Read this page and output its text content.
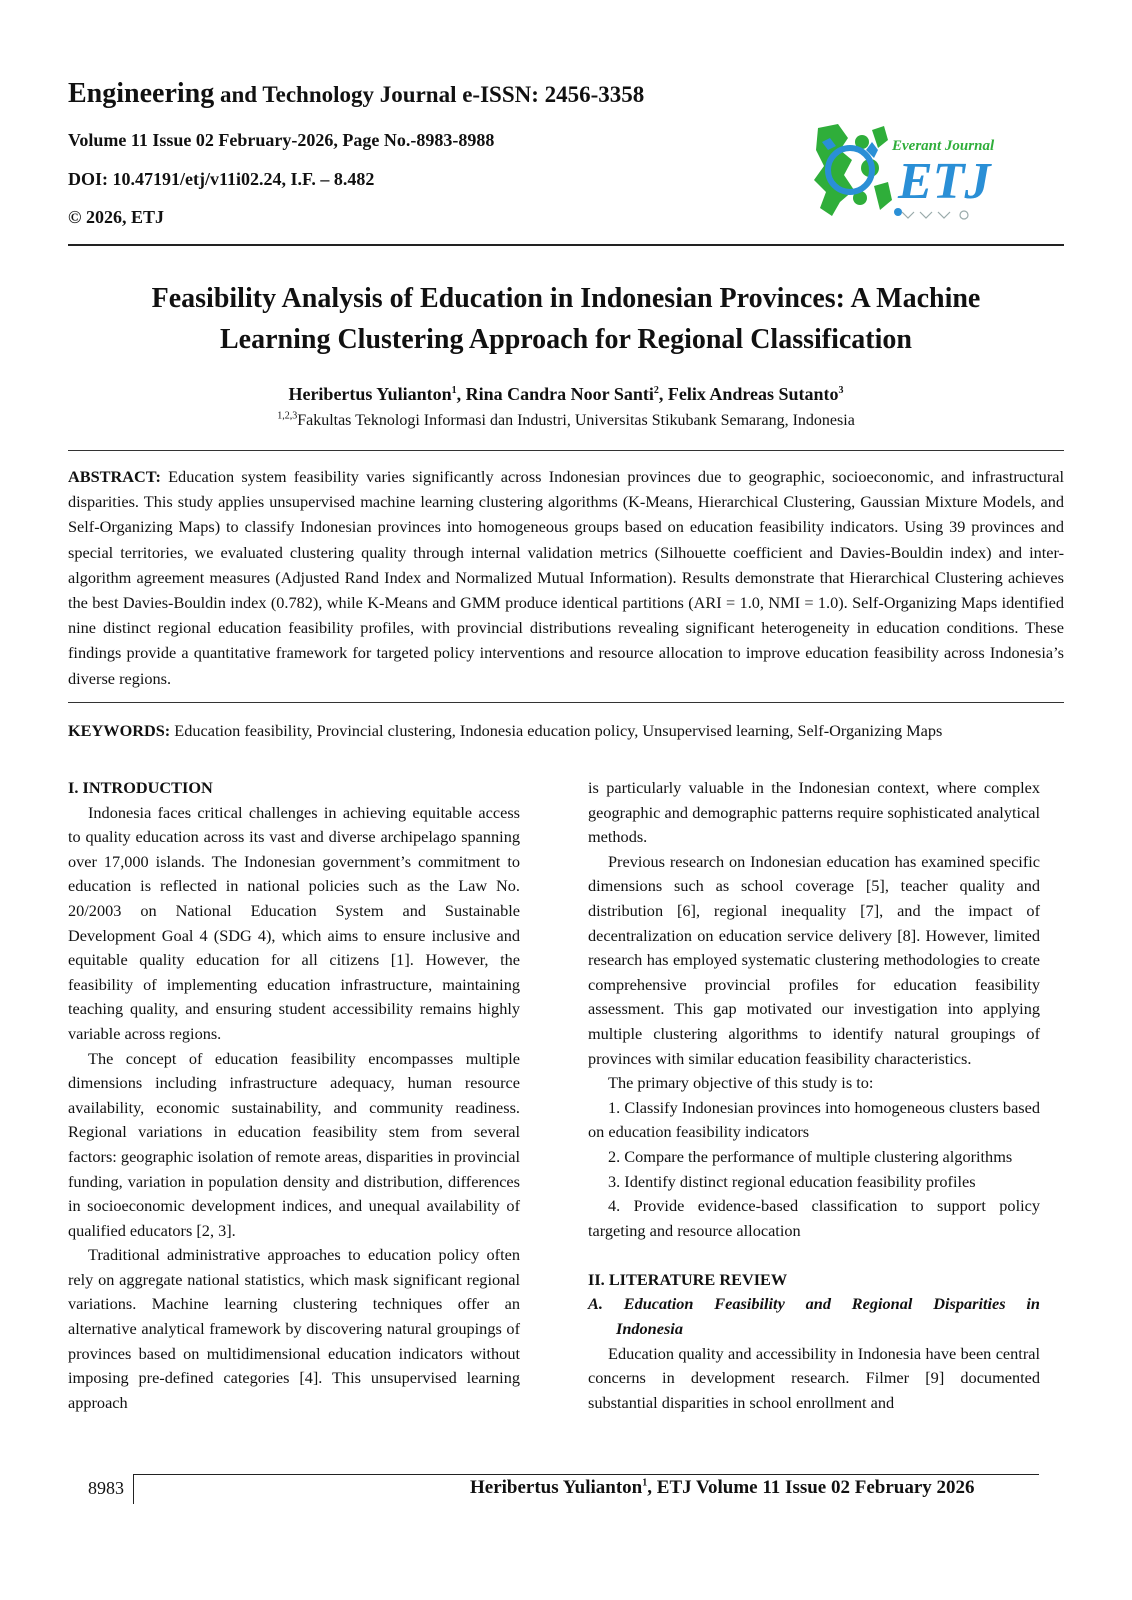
Engineering and Technology Journal e-ISSN: 2456-3358
Volume 11 Issue 02 February-2026, Page No.-8983-8988
DOI: 10.47191/etj/v11i02.24, I.F. – 8.482
© 2026, ETJ
Everant Journal
ETJ
Feasibility Analysis of Education in Indonesian Provinces: A Machine
Learning Clustering Approach for Regional Classification
Heribertus Yulianton$^1$, Rina Candra Noor Santi$^2$, Felix Andreas Sutanto$^3$
$^{1,2,3}$Fakultas Teknologi Informasi dan Industri, Universitas Stikubank Semarang, Indonesia
ABSTRACT: Education system feasibility varies significantly across Indonesian provinces due to geographic, socioeconomic, and infrastructural disparities. This study applies unsupervised machine learning clustering algorithms (K-Means, Hierarchical Clustering, Gaussian Mixture Models, and Self-Organizing Maps) to classify Indonesian provinces into homogeneous groups based on education feasibility indicators. Using 39 provinces and special territories, we evaluated clustering quality through internal validation metrics (Silhouette coefficient and Davies-Bouldin index) and inter-algorithm agreement measures (Adjusted Rand Index and Normalized Mutual Information). Results demonstrate that Hierarchical Clustering achieves the best Davies-Bouldin index (0.782), while K-Means and GMM produce identical partitions (ARI = 1.0, NMI = 1.0). Self-Organizing Maps identified nine distinct regional education feasibility profiles, with provincial distributions revealing significant heterogeneity in education conditions. These findings provide a quantitative framework for targeted policy interventions and resource allocation to improve education feasibility across Indonesia’s diverse regions.
KEYWORDS: Education feasibility, Provincial clustering, Indonesia education policy, Unsupervised learning, Self-Organizing Maps
I. INTRODUCTION

Indonesia faces critical challenges in achieving equitable access to quality education across its vast and diverse archipelago spanning over 17,000 islands. The Indonesian government’s commitment to education is reflected in national policies such as the Law No. 20/2003 on National Education System and Sustainable Development Goal 4 (SDG 4), which aims to ensure inclusive and equitable quality education for all citizens [1]. However, the feasibility of implementing education infrastructure, maintaining teaching quality, and ensuring student accessibility remains highly variable across regions.

The concept of education feasibility encompasses multiple dimensions including infrastructure adequacy, human resource availability, economic sustainability, and community readiness. Regional variations in education feasibility stem from several factors: geographic isolation of remote areas, disparities in provincial funding, variation in population density and distribution, differences in socioeconomic development indices, and unequal availability of qualified educators [2, 3].

Traditional administrative approaches to education policy often rely on aggregate national statistics, which mask significant regional variations. Machine learning clustering techniques offer an alternative analytical framework by discovering natural groupings of provinces based on multidimensional education indicators without imposing pre-defined categories [4]. This unsupervised learning approach

is particularly valuable in the Indonesian context, where complex geographic and demographic patterns require sophisticated analytical methods.

Previous research on Indonesian education has examined specific dimensions such as school coverage [5], teacher quality and distribution [6], regional inequality [7], and the impact of decentralization on education service delivery [8]. However, limited research has employed systematic clustering methodologies to create comprehensive provincial profiles for education feasibility assessment. This gap motivated our investigation into applying multiple clustering algorithms to identify natural groupings of provinces with similar education feasibility characteristics.

The primary objective of this study is to:

1. Classify Indonesian provinces into homogeneous clusters based on education feasibility indicators

2. Compare the performance of multiple clustering algorithms

3. Identify distinct regional education feasibility profiles

4. Provide evidence-based classification to support policy targeting and resource allocation

II. LITERATURE REVIEW
A. Education Feasibility and Regional Disparities in
Indonesia

Education quality and accessibility in Indonesia have been central concerns in development research. Filmer [9] documented substantial disparities in school enrollment and

8983	Heribertus Yulianton$^1$, ETJ Volume 11 Issue 02 February 2026
